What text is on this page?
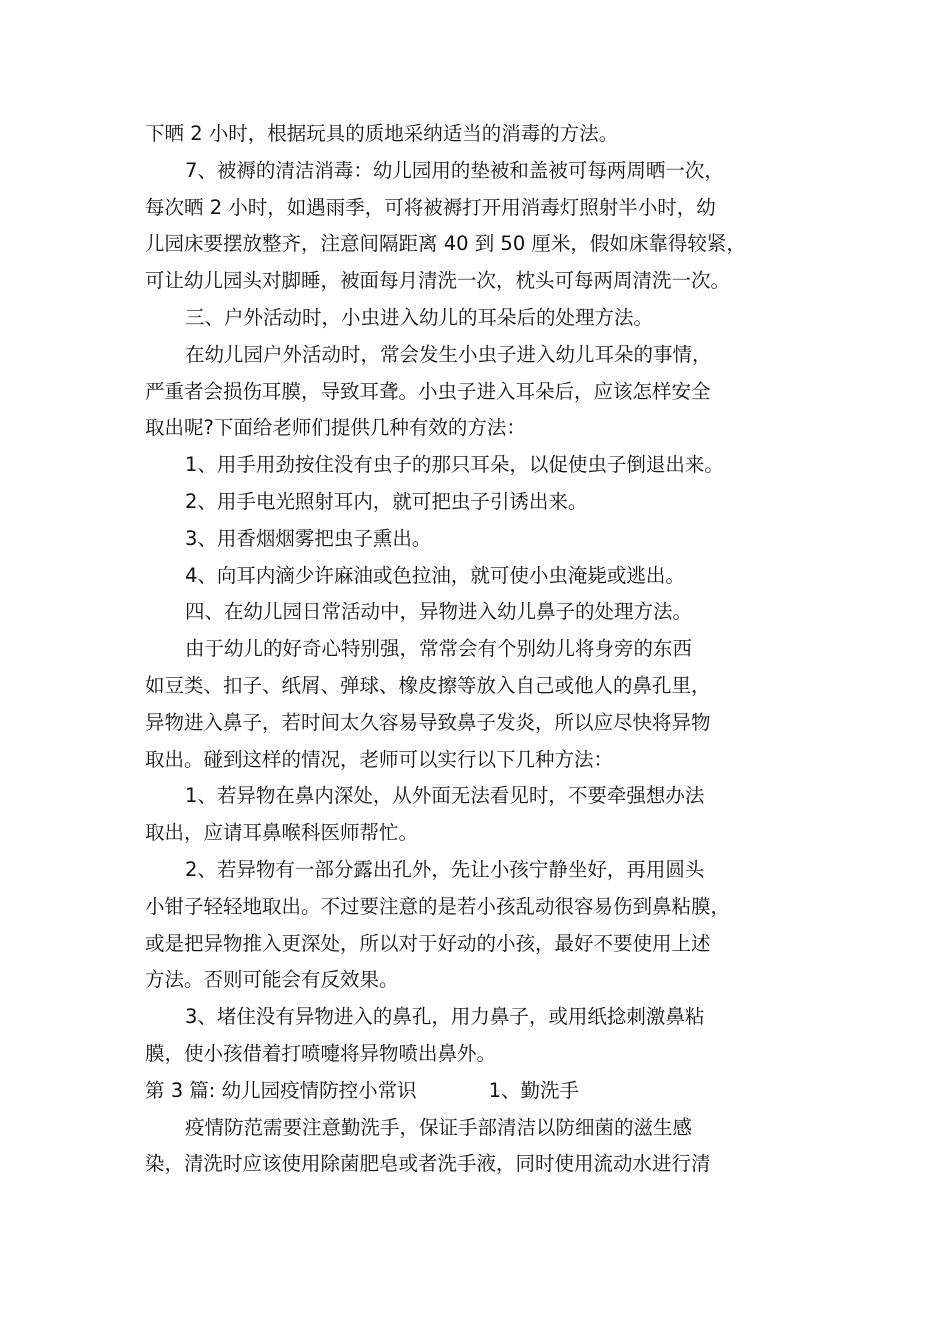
下晒 2 小时，根据玩具的质地采纳适当的消毒的方法。
7、被褥的清洁消毒：幼儿园用的垫被和盖被可每两周晒一次，
每次晒 2 小时，如遇雨季，可将被褥打开用消毒灯照射半小时，幼
儿园床要摆放整齐，注意间隔距离 40 到 50 厘米，假如床靠得较紧，
可让幼儿园头对脚睡，被面每月清洗一次，枕头可每两周清洗一次。
三、户外活动时，小虫进入幼儿的耳朵后的处理方法。
在幼儿园户外活动时，常会发生小虫子进入幼儿耳朵的事情，
严重者会损伤耳膜，导致耳聋。小虫子进入耳朵后，应该怎样安全
取出呢?下面给老师们提供几种有效的方法：
1、用手用劲按住没有虫子的那只耳朵，以促使虫子倒退出来。
2、用手电光照射耳内，就可把虫子引诱出来。
3、用香烟烟雾把虫子熏出。
4、向耳内滴少许麻油或色拉油，就可使小虫淹毙或逃出。
四、在幼儿园日常活动中，异物进入幼儿鼻子的处理方法。
由于幼儿的好奇心特别强，常常会有个别幼儿将身旁的东西
如豆类、扣子、纸屑、弹球、橡皮擦等放入自己或他人的鼻孔里，
异物进入鼻子，若时间太久容易导致鼻子发炎，所以应尽快将异物
取出。碰到这样的情况，老师可以实行以下几种方法：
1、若异物在鼻内深处，从外面无法看见时，不要牵强想办法
取出，应请耳鼻喉科医师帮忙。
2、若异物有一部分露出孔外，先让小孩宁静坐好，再用圆头
小钳子轻轻地取出。不过要注意的是若小孩乱动很容易伤到鼻粘膜，
或是把异物推入更深处，所以对于好动的小孩，最好不要使用上述
方法。否则可能会有反效果。
3、堵住没有异物进入的鼻孔，用力鼻子，或用纸捻刺激鼻粘
膜，使小孩借着打喷嚏将异物喷出鼻外。
第 3 篇: 幼儿园疫情防控小常识	1、勤洗手
疫情防范需要注意勤洗手，保证手部清洁以防细菌的滋生感
染，清洗时应该使用除菌肥皂或者洗手液，同时使用流动水进行清
